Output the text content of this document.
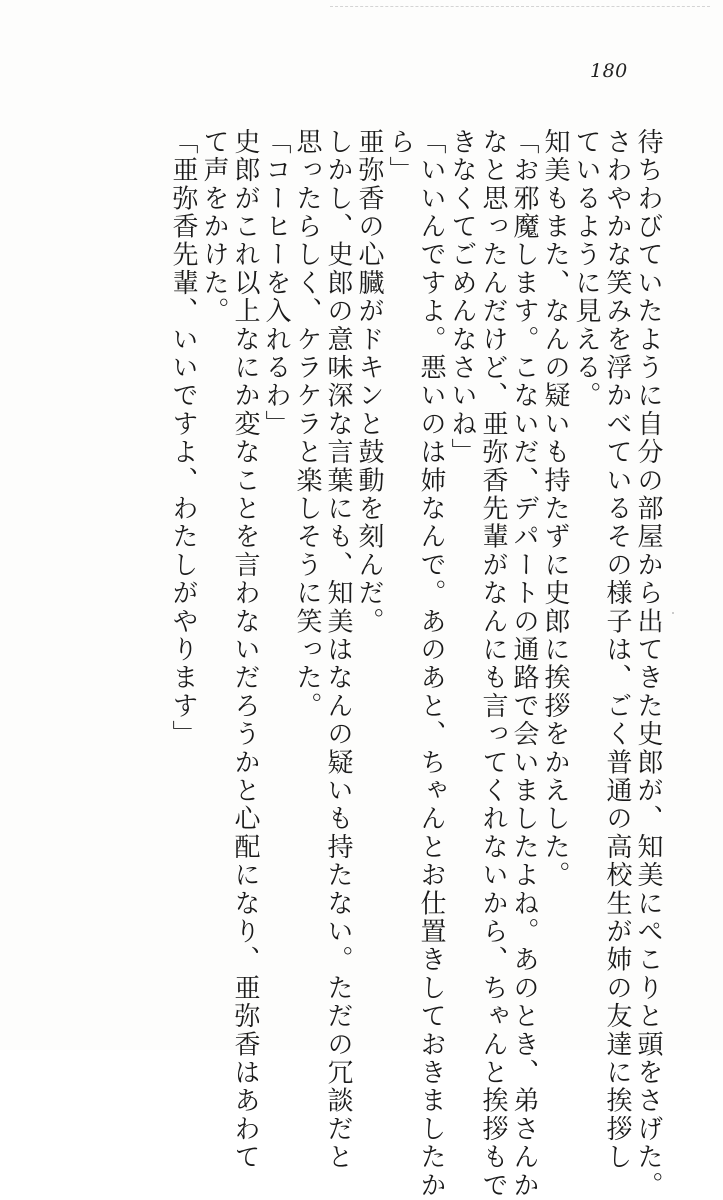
180
待ちわびていたように自分の部屋から出てきた史郎が、知美にぺこりと頭をさげた。
さわやかな笑みを浮かべているその様子は、ごく普通の高校生が姉の友達に挨拶し
ているように見える。
知美もまた、なんの疑いも持たずに史郎に挨拶をかえした。
「お邪魔します。こないだ、デパートの通路で会いましたよね。あのとき、弟さんか
なと思ったんだけど、亜弥香先輩がなんにも言ってくれないから、ちゃんと挨拶もで
きなくてごめんなさいね」
「いいんですよ。悪いのは姉なんで。あのあと、ちゃんとお仕置きしておきましたか
ら」
亜弥香の心臓がドキンと鼓動を刻んだ。
しかし、史郎の意味深な言葉にも、知美はなんの疑いも持たない。ただの冗談だと
思ったらしく、ケラケラと楽しそうに笑った。
「コーヒーを入れるわ」
史郎がこれ以上なにか変なことを言わないだろうかと心配になり、亜弥香はあわて
て声をかけた。
「亜弥香先輩、いいですよ、わたしがやります」
